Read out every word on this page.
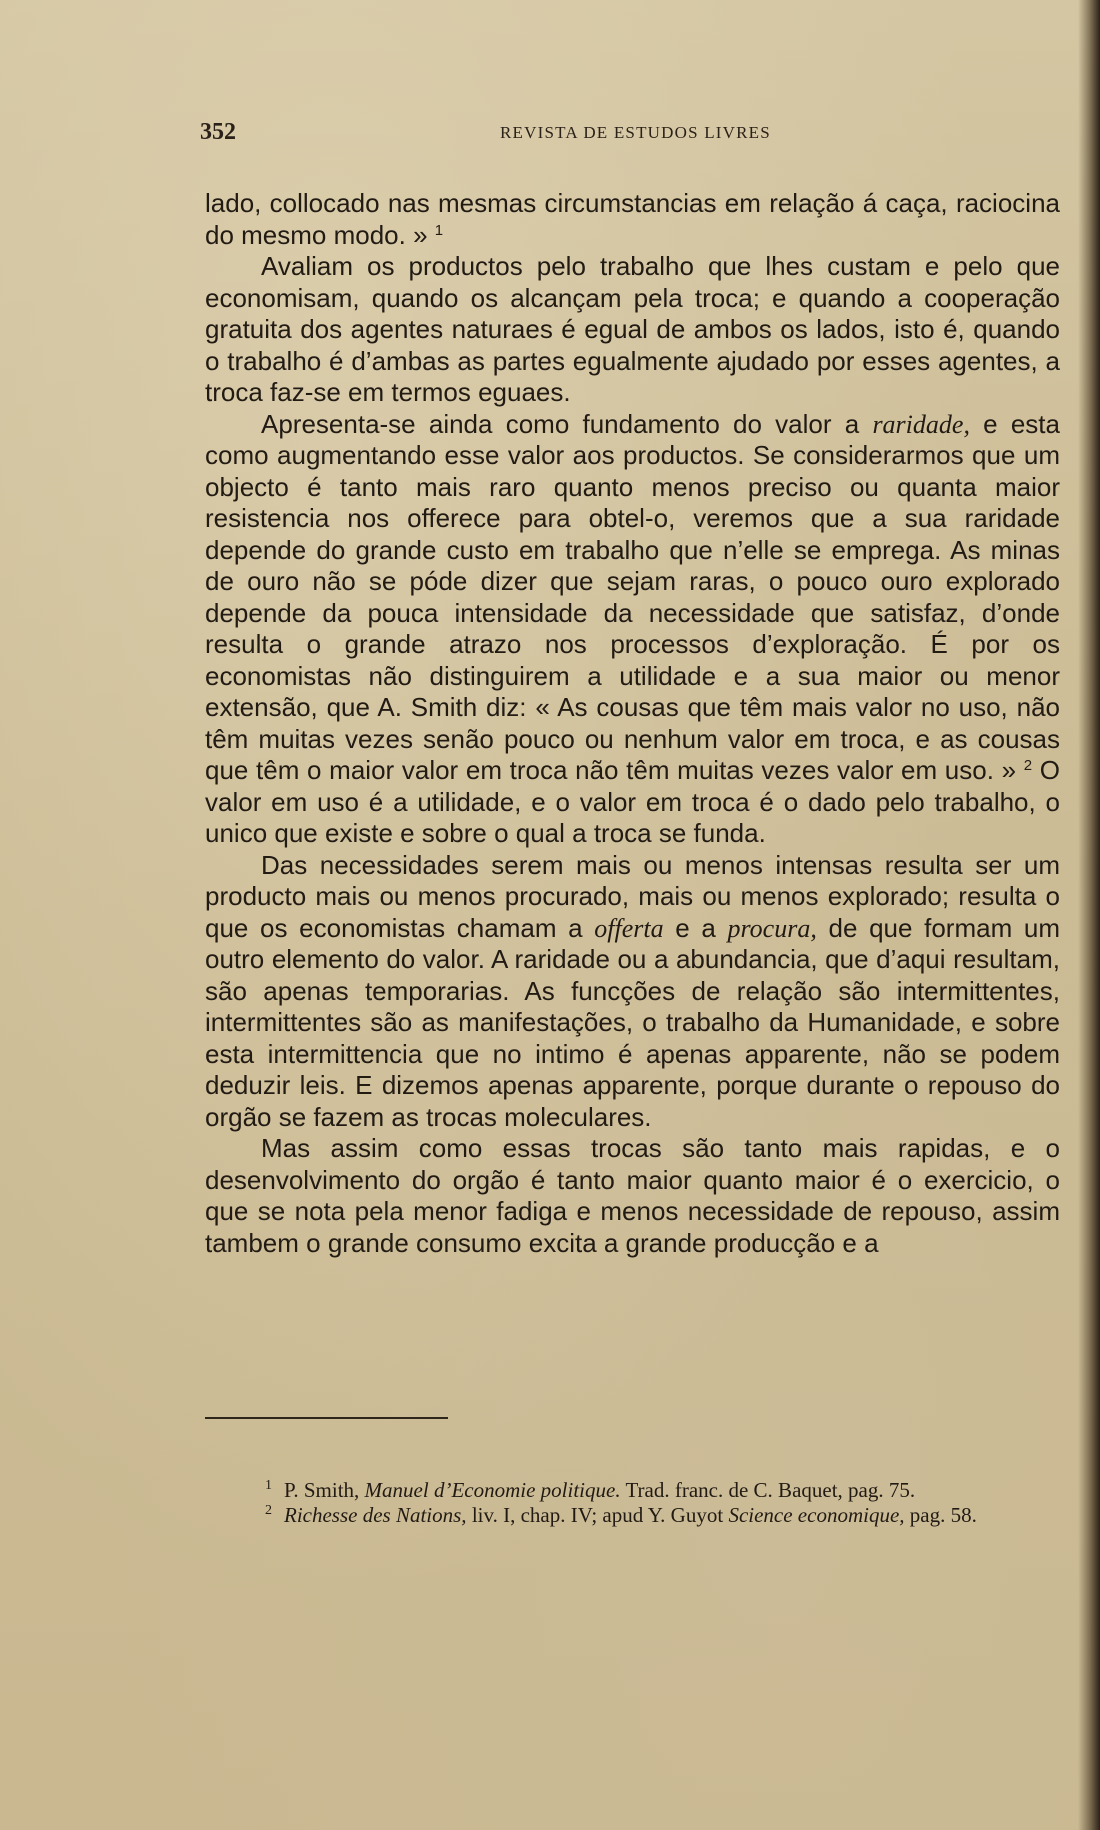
352	REVISTA DE ESTUDOS LIVRES

lado, collocado nas mesmas circumstancias em relação á caça, raciocina do mesmo modo. » $^1$

Avaliam os productos pelo trabalho que lhes custam e pelo que economisam, quando os alcançam pela troca; e quando a cooperação gratuita dos agentes naturaes é egual de ambos os lados, isto é, quando o trabalho é d’ambas as partes egualmente ajudado por esses agentes, a troca faz-se em termos eguaes.

Apresenta-se ainda como fundamento do valor a raridade, e esta como augmentando esse valor aos productos. Se considerarmos que um objecto é tanto mais raro quanto menos preciso ou quanta maior resistencia nos offerece para obtel-o, veremos que a sua raridade depende do grande custo em trabalho que n’elle se emprega. As minas de ouro não se póde dizer que sejam raras, o pouco ouro explorado depende da pouca intensidade da necessidade que satisfaz, d’onde resulta o grande atrazo nos processos d’exploração. É por os economistas não distinguirem a utilidade e a sua maior ou menor extensão, que A. Smith diz: « As cousas que têm mais valor no uso, não têm muitas vezes senão pouco ou nenhum valor em troca, e as cousas que têm o maior valor em troca não têm muitas vezes valor em uso. » $^2$ O valor em uso é a utilidade, e o valor em troca é o dado pelo trabalho, o unico que existe e sobre o qual a troca se funda.

Das necessidades serem mais ou menos intensas resulta ser um producto mais ou menos procurado, mais ou menos explorado; resulta o que os economistas chamam a offerta e a procura, de que formam um outro elemento do valor. A raridade ou a abundancia, que d’aqui resultam, são apenas temporarias. As funcções de relação são intermittentes, intermittentes são as manifestações, o trabalho da Humanidade, e sobre esta intermittencia que no intimo é apenas apparente, não se podem deduzir leis. E dizemos apenas apparente, porque durante o repouso do orgão se fazem as trocas moleculares.

Mas assim como essas trocas são tanto mais rapidas, e o desenvolvimento do orgão é tanto maior quanto maior é o exercicio, o que se nota pela menor fadiga e menos necessidade de repouso, assim tambem o grande consumo excita a grande producção e a

$^1$ P. Smith, Manuel d’Economie politique. Trad. franc. de C. Baquet, pag. 75.

$^2$ Richesse des Nations, liv. I, chap. IV; apud Y. Guyot Science economique, pag. 58.
